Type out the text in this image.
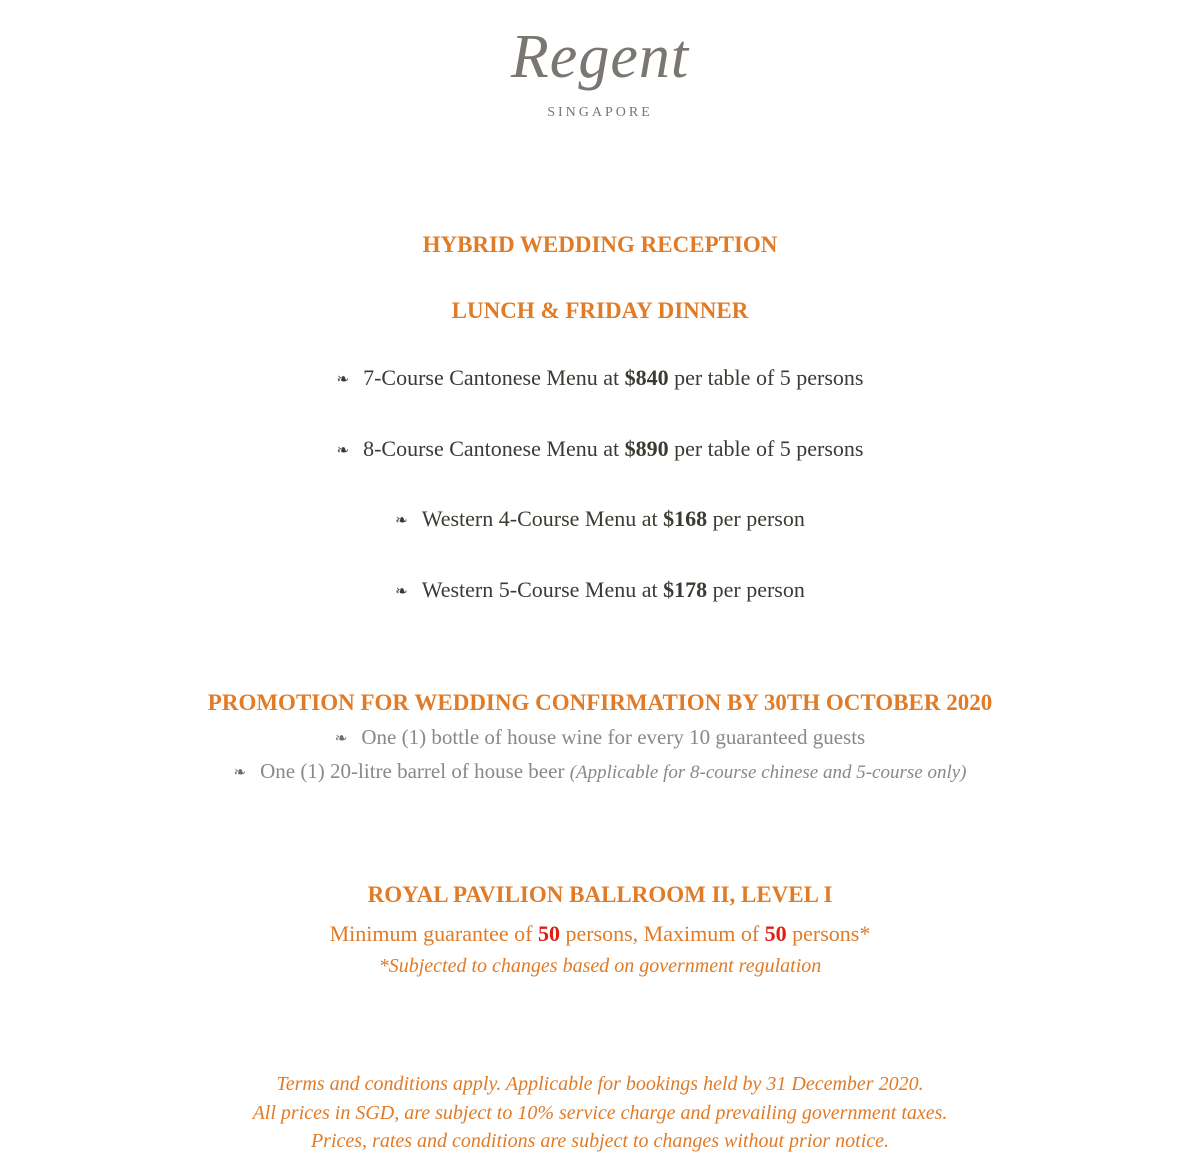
Regent
SINGAPORE
HYBRID WEDDING RECEPTION
LUNCH & FRIDAY DINNER
❧ 7-Course Cantonese Menu at $840 per table of 5 persons
❧ 8-Course Cantonese Menu at $890 per table of 5 persons
❧ Western 4-Course Menu at $168 per person
❧ Western 5-Course Menu at $178 per person
PROMOTION FOR WEDDING CONFIRMATION BY 30TH OCTOBER 2020
❧ One (1) bottle of house wine for every 10 guaranteed guests
❧ One (1) 20-litre barrel of house beer (Applicable for 8-course chinese and 5-course only)
ROYAL PAVILION BALLROOM II, LEVEL I
Minimum guarantee of 50 persons, Maximum of 50 persons*
*Subjected to changes based on government regulation
Terms and conditions apply. Applicable for bookings held by 31 December 2020.
All prices in SGD, are subject to 10% service charge and prevailing government taxes.
Prices, rates and conditions are subject to changes without prior notice.
